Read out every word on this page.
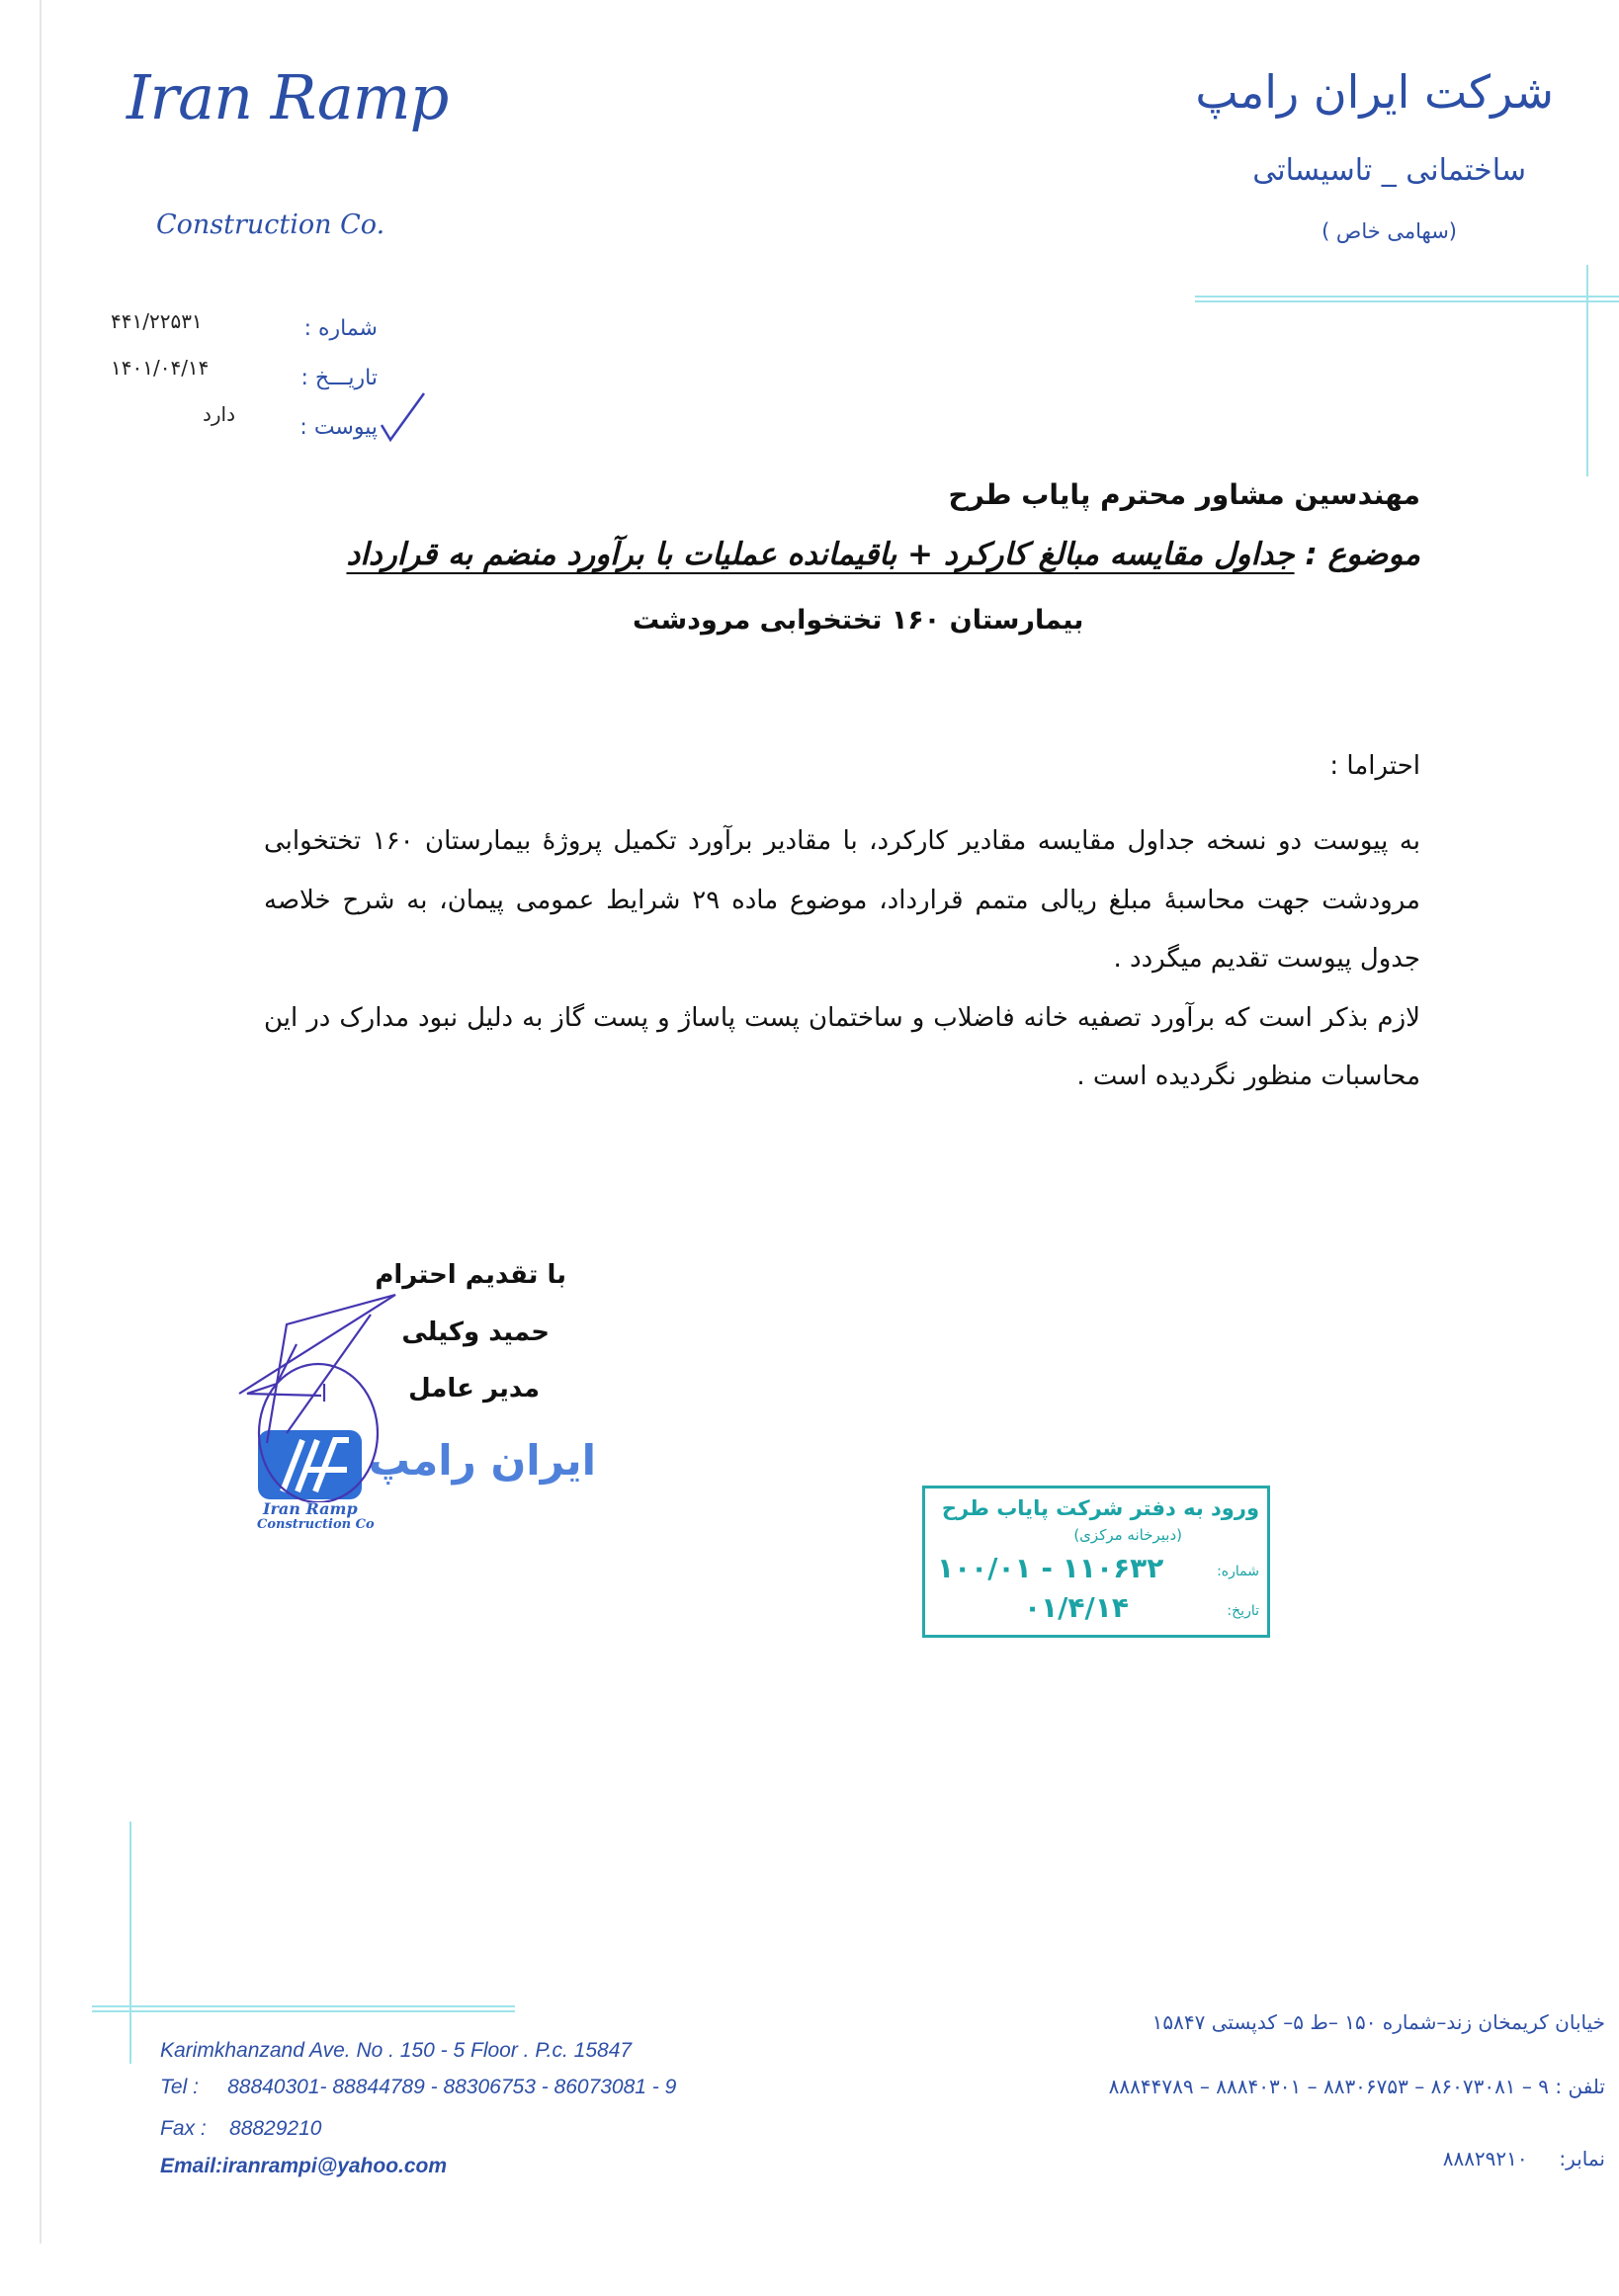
Iran Ramp
Construction Co.
شرکت ایران رامپ
ساختمانی _ تاسیساتی
(سهامی خاص )
شماره :
۴۴۱/۲۲۵۳۱
تاریـــخ :
۱۴۰۱/۰۴/۱۴
پیوست :
دارد
مهندسین مشاور محترم پایاب طرح
موضوع : جداول مقایسه مبالغ کارکرد + باقیمانده عملیات با برآورد منضم به قرارداد
بیمارستان ۱۶۰ تختخوابی مرودشت
احتراما :
به پیوست دو نسخه جداول مقایسه مقادیر کارکرد، با مقادیر برآورد تکمیل پروژهٔ بیمارستان ۱۶۰ تختخوابی مرودشت جهت محاسبهٔ مبلغ ریالی متمم قرارداد، موضوع ماده ۲۹ شرایط عمومی پیمان، به شرح خلاصه جدول پیوست تقدیم میگردد .
لازم بذکر است که برآورد تصفیه خانه فاضلاب و ساختمان پست پاساژ و پست گاز به دلیل نبود مدارک در این محاسبات منظور نگردیده است .
با تقدیم احترام
حمید وکیلی
مدیر عامل
ایران رامپ
Iran Ramp
Construction Co
ورود به دفتر شرکت پایاب طرح
(دبیرخانه مرکزی)
شماره:
۱۰۰/۰۱ - ۱۱۰۶۳۲
تاریخ:
۰۱/۴/۱۴
Karimkhanzand Ave. No . 150 - 5 Floor . P.c. 15847
Tel :     88840301- 88844789 - 88306753 - 86073081 - 9
Fax :    88829210
Email:iranrampi@yahoo.com
خیابان کریمخان زند–شماره ۱۵۰ –ط ۵– کدپستی ۱۵۸۴۷
تلفن : ۹ – ۸۶۰۷۳۰۸۱ – ۸۸۳۰۶۷۵۳ – ۸۸۸۴۰۳۰۱ – ۸۸۸۴۴۷۸۹
نمابر:     ۸۸۸۲۹۲۱۰
